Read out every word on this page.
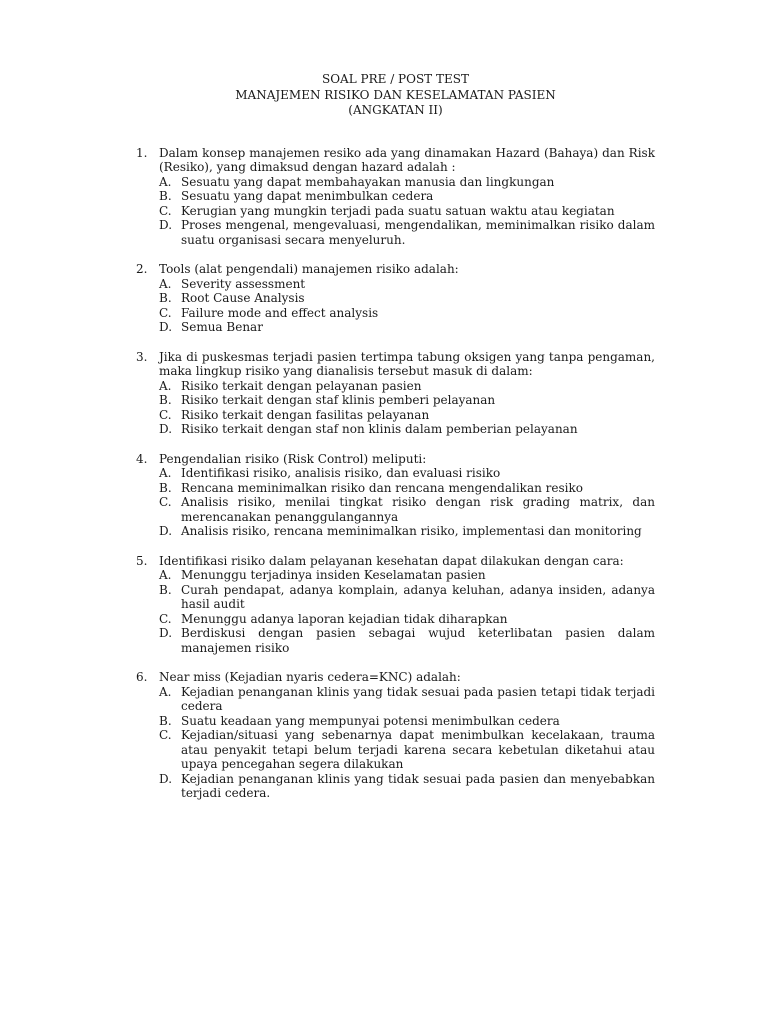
SOAL PRE / POST TEST
MANAJEMEN RISIKO DAN KESELAMATAN PASIEN
(ANGKATAN II)
1. Dalam konsep manajemen resiko ada yang dinamakan Hazard (Bahaya) dan Risk (Resiko), yang dimaksud dengan hazard adalah :
A. Sesuatu yang dapat membahayakan manusia dan lingkungan
B. Sesuatu yang dapat menimbulkan cedera
C. Kerugian yang mungkin terjadi pada suatu satuan waktu atau kegiatan
D. Proses mengenal, mengevaluasi, mengendalikan, meminimalkan risiko dalam suatu organisasi secara menyeluruh.
2. Tools (alat pengendali) manajemen risiko adalah:
A. Severity assessment
B. Root Cause Analysis
C. Failure mode and effect analysis
D. Semua Benar
3. Jika di puskesmas terjadi pasien tertimpa tabung oksigen yang tanpa pengaman, maka lingkup risiko yang dianalisis tersebut masuk di dalam:
A. Risiko terkait dengan pelayanan pasien
B. Risiko terkait dengan staf klinis pemberi pelayanan
C. Risiko terkait dengan fasilitas pelayanan
D. Risiko terkait dengan staf non klinis dalam pemberian pelayanan
4. Pengendalian risiko (Risk Control) meliputi:
A. Identifikasi risiko, analisis risiko, dan evaluasi risiko
B. Rencana meminimalkan risiko dan rencana mengendalikan resiko
C. Analisis risiko, menilai tingkat risiko dengan risk grading matrix, dan merencanakan penanggulangannya
D. Analisis risiko, rencana meminimalkan risiko, implementasi dan monitoring
5. Identifikasi risiko dalam pelayanan kesehatan dapat dilakukan dengan cara:
A. Menunggu terjadinya insiden Keselamatan pasien
B. Curah pendapat, adanya komplain, adanya keluhan, adanya insiden, adanya hasil audit
C. Menunggu adanya laporan kejadian tidak diharapkan
D. Berdiskusi dengan pasien sebagai wujud keterlibatan pasien dalam manajemen risiko
6. Near miss (Kejadian nyaris cedera=KNC) adalah:
A. Kejadian penanganan klinis yang tidak sesuai pada pasien tetapi tidak terjadi cedera
B. Suatu keadaan yang mempunyai potensi menimbulkan cedera
C. Kejadian/situasi yang sebenarnya dapat menimbulkan kecelakaan, trauma atau penyakit tetapi belum terjadi karena secara kebetulan diketahui atau upaya pencegahan segera dilakukan
D. Kejadian penanganan klinis yang tidak sesuai pada pasien dan menyebabkan terjadi cedera.
